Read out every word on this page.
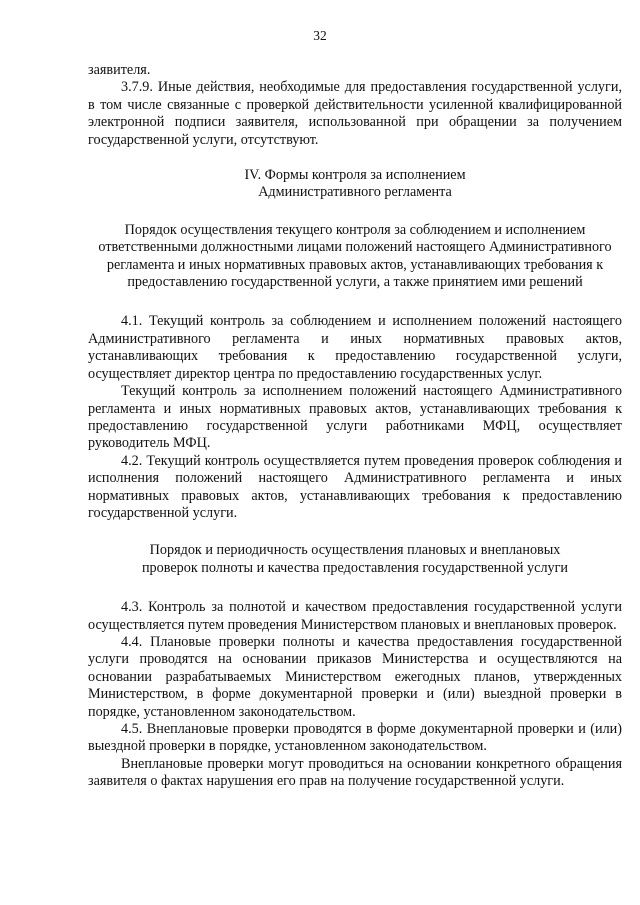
32

заявителя.

3.7.9. Иные действия, необходимые для предоставления государственной услуги, в том числе связанные с проверкой действительности усиленной квалифицированной электронной подписи заявителя, использованной при обращении за получением государственной услуги, отсутствуют.

IV. Формы контроля за исполнением
Административного регламента
Порядок осуществления текущего контроля за соблюдением и исполнением ответственными должностными лицами положений настоящего Административного регламента и иных нормативных правовых актов, устанавливающих требования к предоставлению государственной услуги, а также принятием ими решений

4.1. Текущий контроль за соблюдением и исполнением положений настоящего Административного регламента и иных нормативных правовых актов, устанавливающих требования к предоставлению государственной услуги, осуществляет директор центра по предоставлению государственных услуг.

Текущий контроль за исполнением положений настоящего Административного регламента и иных нормативных правовых актов, устанавливающих требования к предоставлению государственной услуги работниками МФЦ, осуществляет руководитель МФЦ.

4.2. Текущий контроль осуществляется путем проведения проверок соблюдения и исполнения положений настоящего Административного регламента и иных нормативных правовых актов, устанавливающих требования к предоставлению государственной услуги.

Порядок и периодичность осуществления плановых и внеплановых проверок полноты и качества предоставления государственной услуги

4.3. Контроль за полнотой и качеством предоставления государственной услуги осуществляется путем проведения Министерством плановых и внеплановых проверок.

4.4. Плановые проверки полноты и качества предоставления государственной услуги проводятся на основании приказов Министерства и осуществляются на основании разрабатываемых Министерством ежегодных планов, утвержденных Министерством, в форме документарной проверки и (или) выездной проверки в порядке, установленном законодательством.

4.5. Внеплановые проверки проводятся в форме документарной проверки и (или) выездной проверки в порядке, установленном законодательством.

Внеплановые проверки могут проводиться на основании конкретного обращения заявителя о фактах нарушения его прав на получение государственной услуги.
